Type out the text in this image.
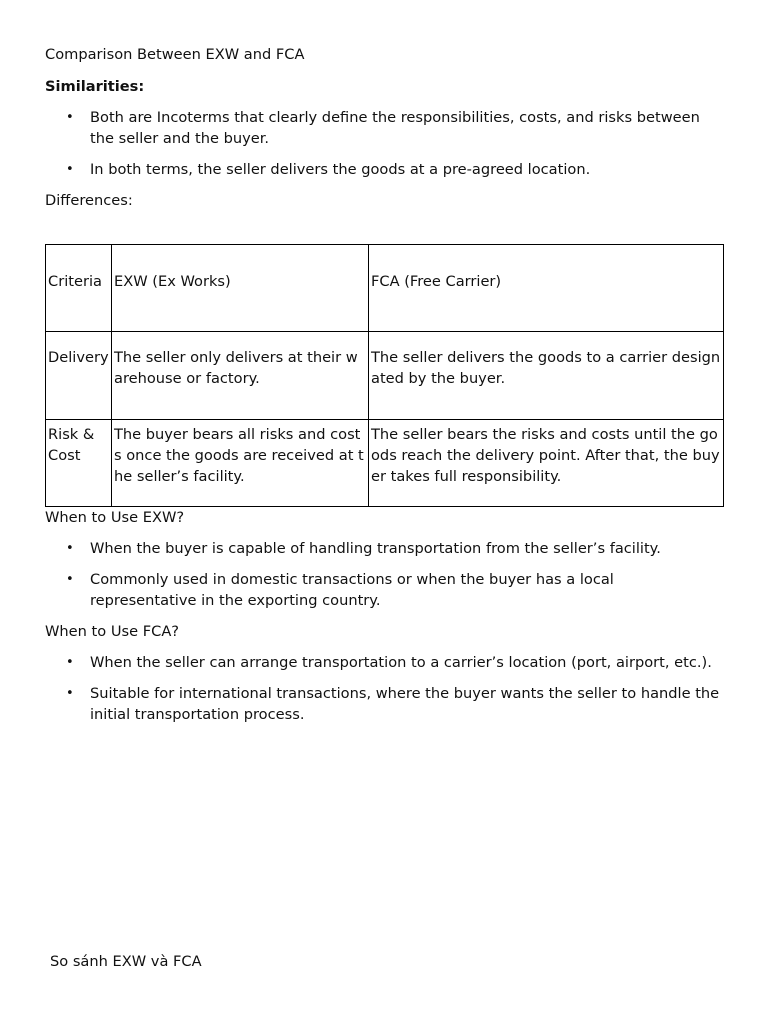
Comparison Between EXW and FCA
Similarities:
• Both are Incoterms that clearly define the responsibilities, costs, and risks between the seller and the buyer.
• In both terms, the seller delivers the goods at a pre-agreed location.
Differences:
Criteria	EXW (Ex Works)	FCA (Free Carrier)
Delivery	The seller only delivers at their warehouse or factory.	The seller delivers the goods to a carrier designated by the buyer.
Risk & Cost	The buyer bears all risks and costs once the goods are received at the seller’s facility.	The seller bears the risks and costs until the goods reach the delivery point. After that, the buyer takes full responsibility.
When to Use EXW?
• When the buyer is capable of handling transportation from the seller’s facility.
• Commonly used in domestic transactions or when the buyer has a local representative in the exporting country.
When to Use FCA?
• When the seller can arrange transportation to a carrier’s location (port, airport, etc.).
• Suitable for international transactions, where the buyer wants the seller to handle the initial transportation process.
So sánh EXW và FCA
